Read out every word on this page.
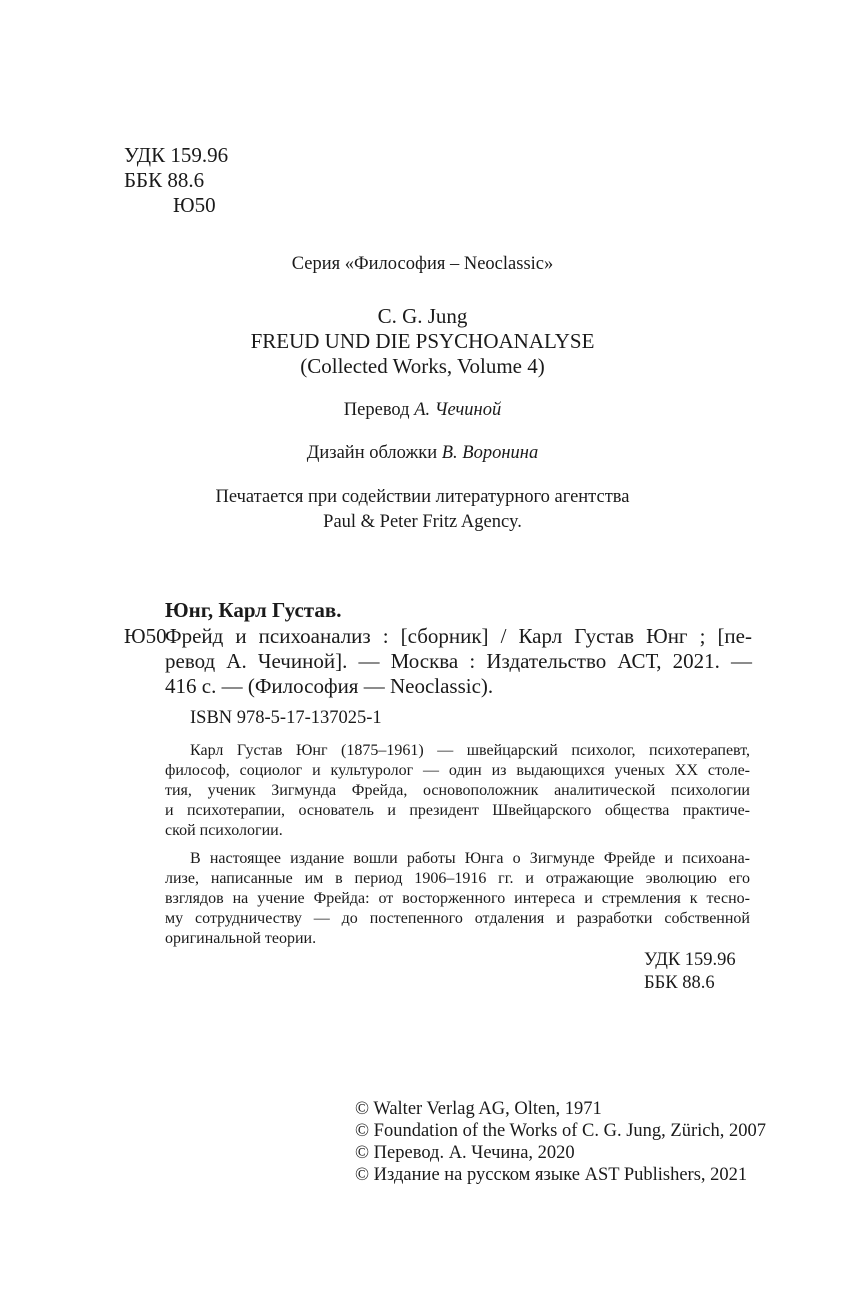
УДК 159.96
ББК 88.6
Ю50
Серия «Философия – Neoclassic»
C. G. Jung
FREUD UND DIE PSYCHOANALYSE
(Collected Works, Volume 4)
Перевод А. Чечиной
Дизайн обложки В. Воронина
Печатается при содействии литературного агентства
Paul & Peter Fritz Agency.
Юнг, Карл Густав.
Ю50
Фрейд и психоанализ : [сборник] / Карл Густав Юнг ; [пе-
ревод А. Чечиной]. — Москва : Издательство АСТ, 2021. —
416 с. — (Философия — Neoclassic).
ISBN 978-5-17-137025-1
Карл Густав Юнг (1875–1961) — швейцарский психолог, психотерапевт,
философ, социолог и культуролог — один из выдающихся ученых XX столе-
тия, ученик Зигмунда Фрейда, основоположник аналитической психологии
и психотерапии, основатель и президент Швейцарского общества практиче-
ской психологии.
В настоящее издание вошли работы Юнга о Зигмунде Фрейде и психоана-
лизе, написанные им в период 1906–1916 гг. и отражающие эволюцию его
взглядов на учение Фрейда: от восторженного интереса и стремления к тесно-
му сотрудничеству — до постепенного отдаления и разработки собственной
оригинальной теории.
УДК 159.96
ББК 88.6
© Walter Verlag AG, Olten, 1971
© Foundation of the Works of C. G. Jung, Zürich, 2007
© Перевод. А. Чечина, 2020
© Издание на русском языке AST Publishers, 2021
